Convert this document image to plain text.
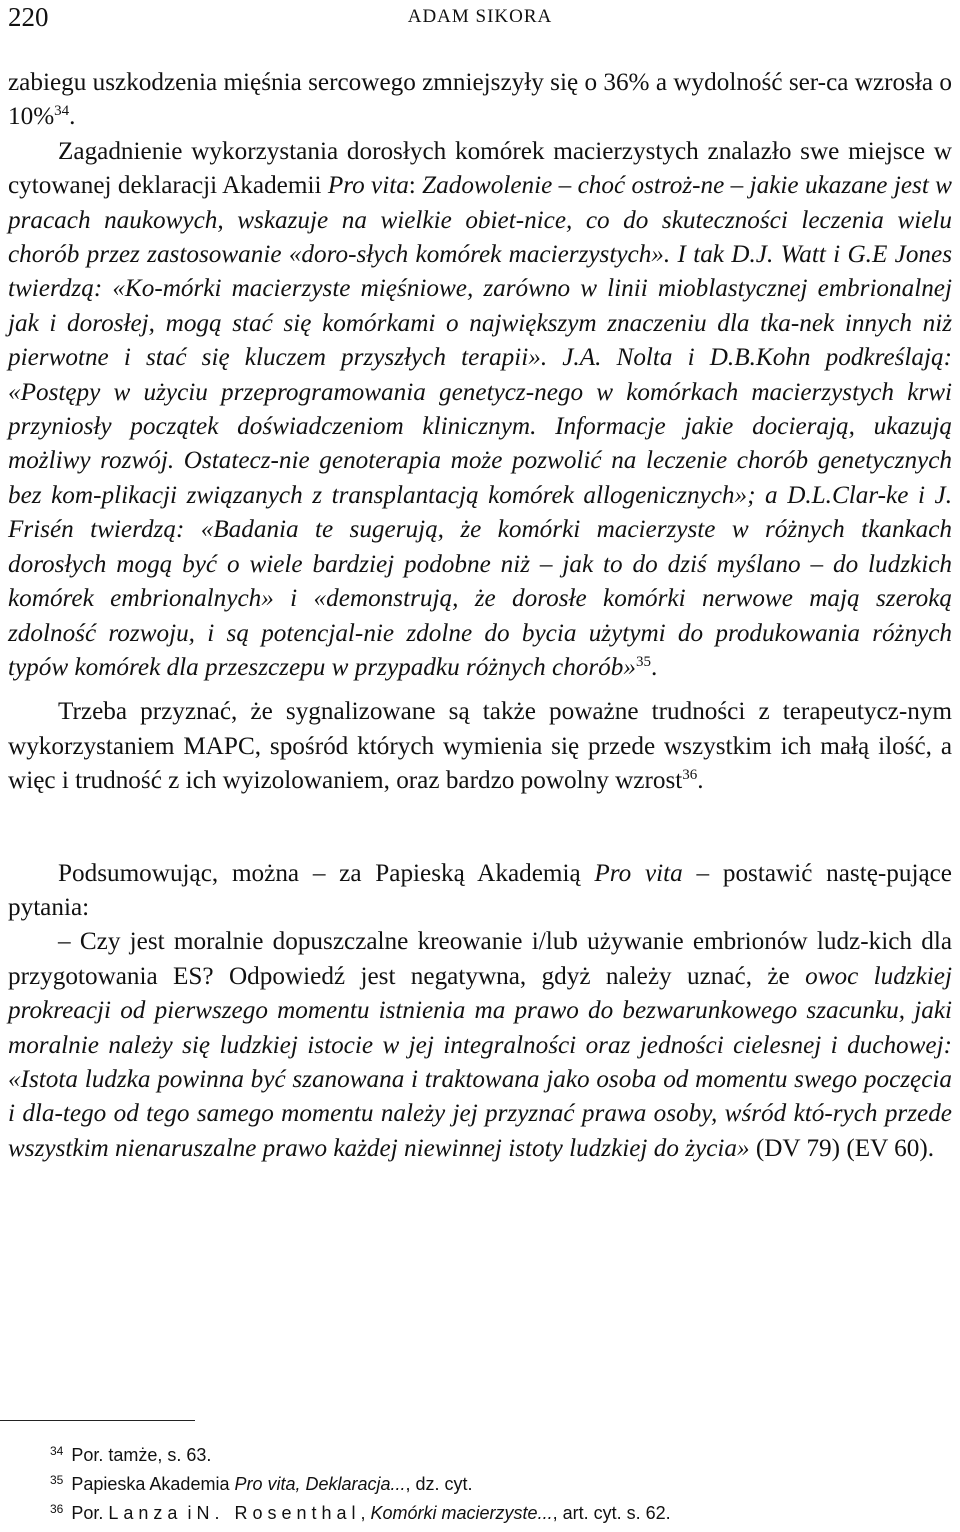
220	ADAM SIKORA

zabiegu uszkodzenia mięśnia sercowego zmniejszyły się o 36% a wydolność ser-ca wzrosła o 10%$^{34}$.

Zagadnienie wykorzystania dorosłych komórek macierzystych znalazło swe miejsce w cytowanej deklaracji Akademii Pro vita: Zadowolenie – choć ostroż-ne – jakie ukazane jest w pracach naukowych, wskazuje na wielkie obiet-nice, co do skuteczności leczenia wielu chorób przez zastosowanie «doro-słych komórek macierzystych». I tak D.J. Watt i G.E Jones twierdzą: «Ko-mórki macierzyste mięśniowe, zarówno w linii mioblastycznej embrionalnej jak i dorosłej, mogą stać się komórkami o największym znaczeniu dla tka-nek innych niż pierwotne i stać się kluczem przyszłych terapii». J.A. Nolta i D.B.Kohn podkreślają: «Postępy w użyciu przeprogramowania genetycz-nego w komórkach macierzystych krwi przyniosły początek doświadczeniom klinicznym. Informacje jakie docierają, ukazują możliwy rozwój. Ostatecz-nie genoterapia może pozwolić na leczenie chorób genetycznych bez kom-plikacji związanych z transplantacją komórek allogenicznych»; a D.L.Clar-ke i J. Frisén twierdzą: «Badania te sugerują, że komórki macierzyste w różnych tkankach dorosłych mogą być o wiele bardziej podobne niż – jak to do dziś myślano – do ludzkich komórek embrionalnych» i «demonstrują, że dorosłe komórki nerwowe mają szeroką zdolność rozwoju, i są potencjal-nie zdolne do bycia użytymi do produkowania różnych typów komórek dla przeszczepu w przypadku różnych chorób»$^{35}$.

Trzeba przyznać, że sygnalizowane są także poważne trudności z terapeutycz-nym wykorzystaniem MAPC, spośród których wymienia się przede wszystkim ich małą ilość, a więc i trudność z ich wyizolowaniem, oraz bardzo powolny wzrost$^{36}$.

Podsumowując, można – za Papieską Akademią Pro vita – postawić nastę-pujące pytania:

– Czy jest moralnie dopuszczalne kreowanie i/lub używanie embrionów ludz-kich dla przygotowania ES? Odpowiedź jest negatywna, gdyż należy uznać, że owoc ludzkiej prokreacji od pierwszego momentu istnienia ma prawo do bezwarunkowego szacunku, jaki moralnie należy się ludzkiej istocie w jej integralności oraz jedności cielesnej i duchowej: «Istota ludzka powinna być szanowana i traktowana jako osoba od momentu swego poczęcia i dla-tego od tego samego momentu należy jej przyznać prawa osoby, wśród któ-rych przede wszystkim nienaruszalne prawo każdej niewinnej istoty ludzkiej do życia» (DV 79) (EV 60).

$^{34}$ Por. tamże, s. 63.
$^{35}$ Papieska Akademia Pro vita, Deklaracja..., dz. cyt.
$^{36}$ Por. Lanza i N. Rosenthal, Komórki macierzyste..., art. cyt. s. 62.
